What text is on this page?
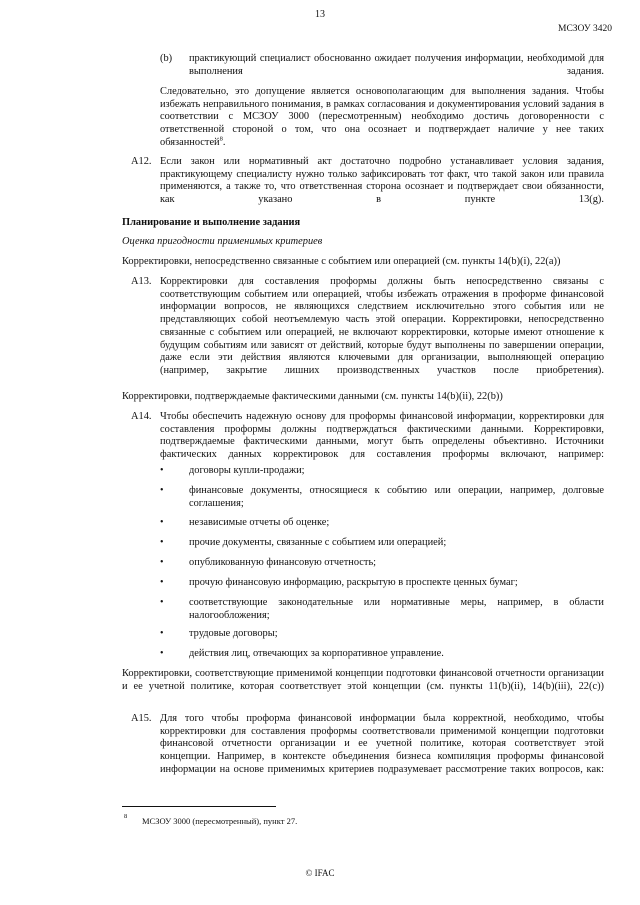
13
МСЗОУ 3420
(b) практикующий специалист обоснованно ожидает получения информации, необходимой для выполнения задания.

Следовательно, это допущение является основополагающим для выполнения задания. Чтобы избежать неправильного понимания, в рамках согласования и документирования условий задания в соответствии с МСЗОУ 3000 (пересмотренным) необходимо достичь договоренности с ответственной стороной о том, что она осознает и подтверждает наличие у нее таких обязанностей$^8$.

A12. Если закон или нормативный акт достаточно подробно устанавливает условия задания, практикующему специалисту нужно только зафиксировать тот факт, что такой закон или правила применяются, а также то, что ответственная сторона осознает и подтверждает свои обязанности, как указано в пункте 13(g).

Планирование и выполнение задания
Оценка пригодности применимых критериев
Корректировки, непосредственно связанные с событием или операцией (см. пункты 14(b)(i), 22(a))
A13. Корректировки для составления проформы должны быть непосредственно связаны с соответствующим событием или операцией, чтобы избежать отражения в проформе финансовой информации вопросов, не являющихся следствием исключительно этого события или не представляющих собой неотъемлемую часть этой операции. Корректировки, непосредственно связанные с событием или операцией, не включают корректировки, которые имеют отношение к будущим событиям или зависят от действий, которые будут выполнены по завершении операции, даже если эти действия являются ключевыми для организации, выполняющей операцию (например, закрытие лишних производственных участков после приобретения).

Корректировки, подтверждаемые фактическими данными (см. пункты 14(b)(ii), 22(b))
A14. Чтобы обеспечить надежную основу для проформы финансовой информации, корректировки для составления проформы должны подтверждаться фактическими данными. Корректировки, подтверждаемые фактическими данными, могут быть определены объективно. Источники фактических данных корректировок для составления проформы включают, например:

• договоры купли-продажи;

• финансовые документы, относящиеся к событию или операции, например, долговые соглашения;

• независимые отчеты об оценке;

• прочие документы, связанные с событием или операцией;

• опубликованную финансовую отчетность;

• прочую финансовую информацию, раскрытую в проспекте ценных бумаг;

• соответствующие законодательные или нормативные меры, например, в области налогообложения;

• трудовые договоры;

• действия лиц, отвечающих за корпоративное управление.

Корректировки, соответствующие применимой концепции подготовки финансовой отчетности организации и ее учетной политике, которая соответствует этой концепции (см. пункты 11(b)(ii), 14(b)(iii), 22(c))

A15. Для того чтобы проформа финансовой информации была корректной, необходимо, чтобы корректировки для составления проформы соответствовали применимой концепции подготовки финансовой отчетности организации и ее учетной политике, которая соответствует этой концепции. Например, в контексте объединения бизнеса компиляция проформы финансовой информации на основе применимых критериев подразумевает рассмотрение таких вопросов, как:

$^8$ МСЗОУ 3000 (пересмотренный), пункт 27.
© IFAC
